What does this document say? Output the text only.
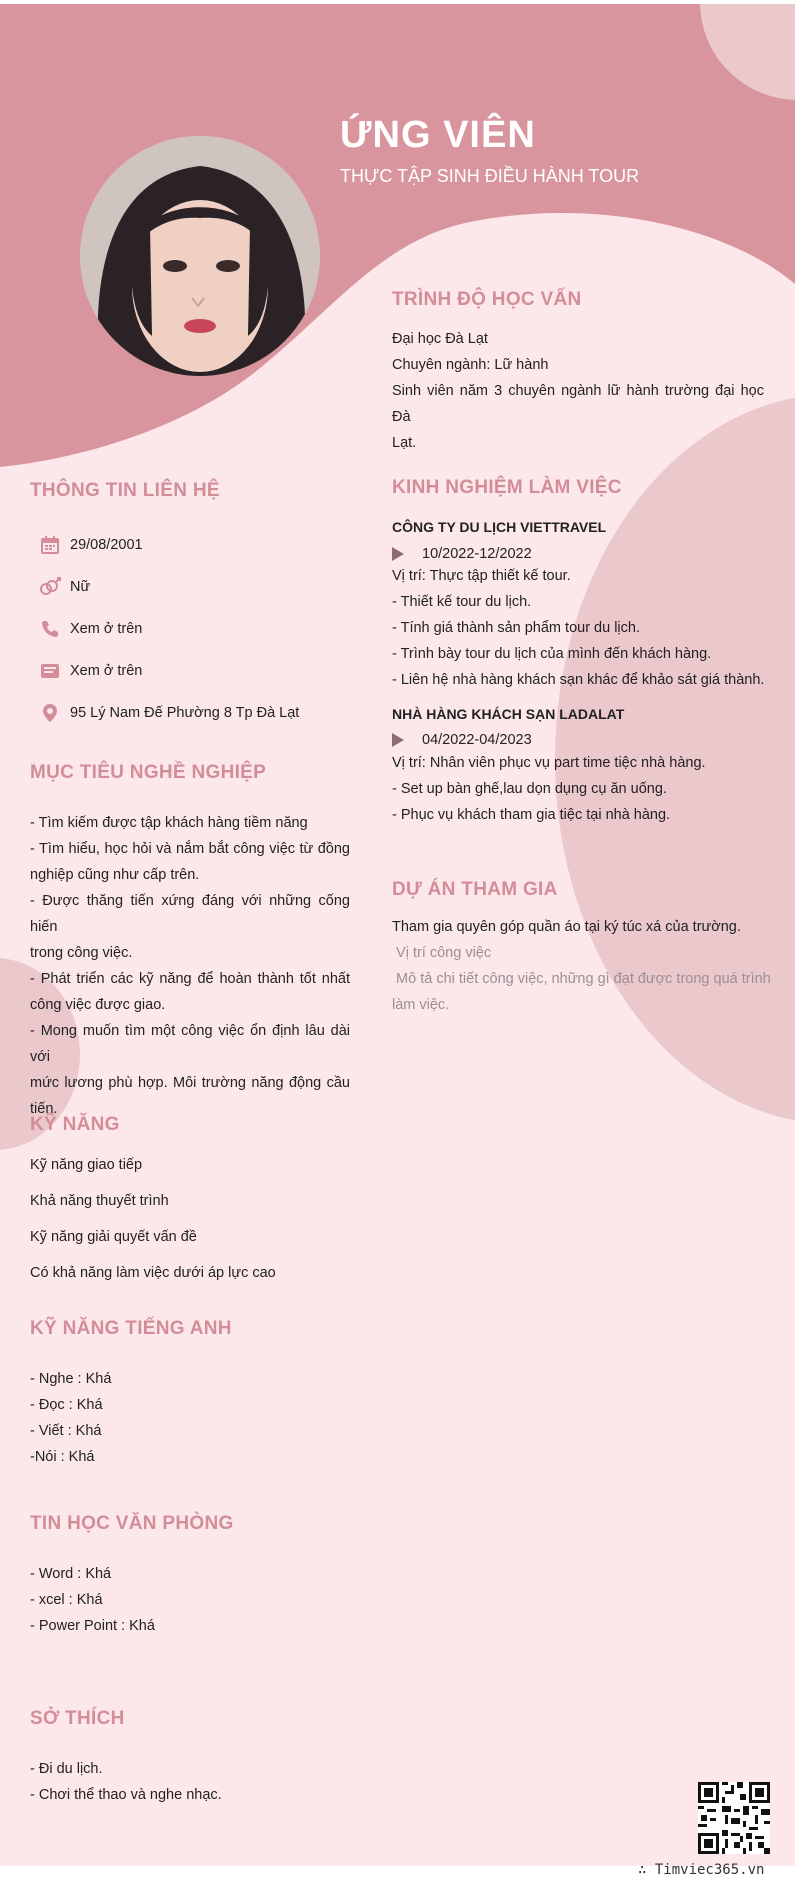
ỨNG VIÊN
THỰC TẬP SINH ĐIỀU HÀNH TOUR
THÔNG TIN LIÊN HỆ
29/08/2001
Nữ
Xem ở trên
Xem ở trên
95 Lý Nam Đế Phường 8 Tp Đà Lạt
MỤC TIÊU NGHỀ NGHIỆP
- Tìm kiếm được tập khách hàng tiềm năng
- Tìm hiểu, học hỏi và nắm bắt công việc từ đồng
nghiệp cũng như cấp trên.
- Được thăng tiến xứng đáng với những cống hiến
trong công việc.
- Phát triển các kỹ năng để hoàn thành tốt nhất
công việc được giao.
- Mong muốn tìm một công việc ổn định lâu dài với
mức lương phù hợp. Môi trường năng động cầu
tiến.
KỸ NĂNG
Kỹ năng giao tiếp
Khả năng thuyết trình
Kỹ năng giải quyết vấn đề
Có khả năng làm việc dưới áp lực cao
KỸ NĂNG TIẾNG ANH
- Nghe : Khá
- Đọc : Khá
- Viết : Khá
-Nói : Khá
TIN HỌC VĂN PHÒNG
- Word : Khá
- xcel : Khá
- Power Point : Khá
SỞ THÍCH
- Đi du lịch.
- Chơi thể thao và nghe nhạc.
TRÌNH ĐỘ HỌC VẤN
Đại học Đà Lạt
Chuyên ngành: Lữ hành
Sinh viên năm 3 chuyên ngành lữ hành trường đại học Đà
Lạt.
KINH NGHIỆM LÀM VIỆC
CÔNG TY DU LỊCH VIETTRAVEL
10/2022-12/2022
Vị trí: Thực tập thiết kế tour.
- Thiết kế tour du lịch.
- Tính giá thành sản phẩm tour du lịch.
- Trình bày tour du lịch của mình đến khách hàng.
- Liên hệ nhà hàng khách sạn khác để khảo sát giá thành.
NHÀ HÀNG KHÁCH SẠN LADALAT
04/2022-04/2023
Vị trí: Nhân viên phục vụ part time tiệc nhà hàng.
- Set up bàn ghế,lau dọn dụng cụ ăn uống.
- Phục vụ khách tham gia tiệc tại nhà hàng.
DỰ ÁN THAM GIA
Tham gia quyên góp quần áo tại ký túc xá của trường.
Vị trí công việc
Mô tả chi tiết công việc, những gì đạt được trong quá trình
làm việc.
∴ Timviec365.vn
